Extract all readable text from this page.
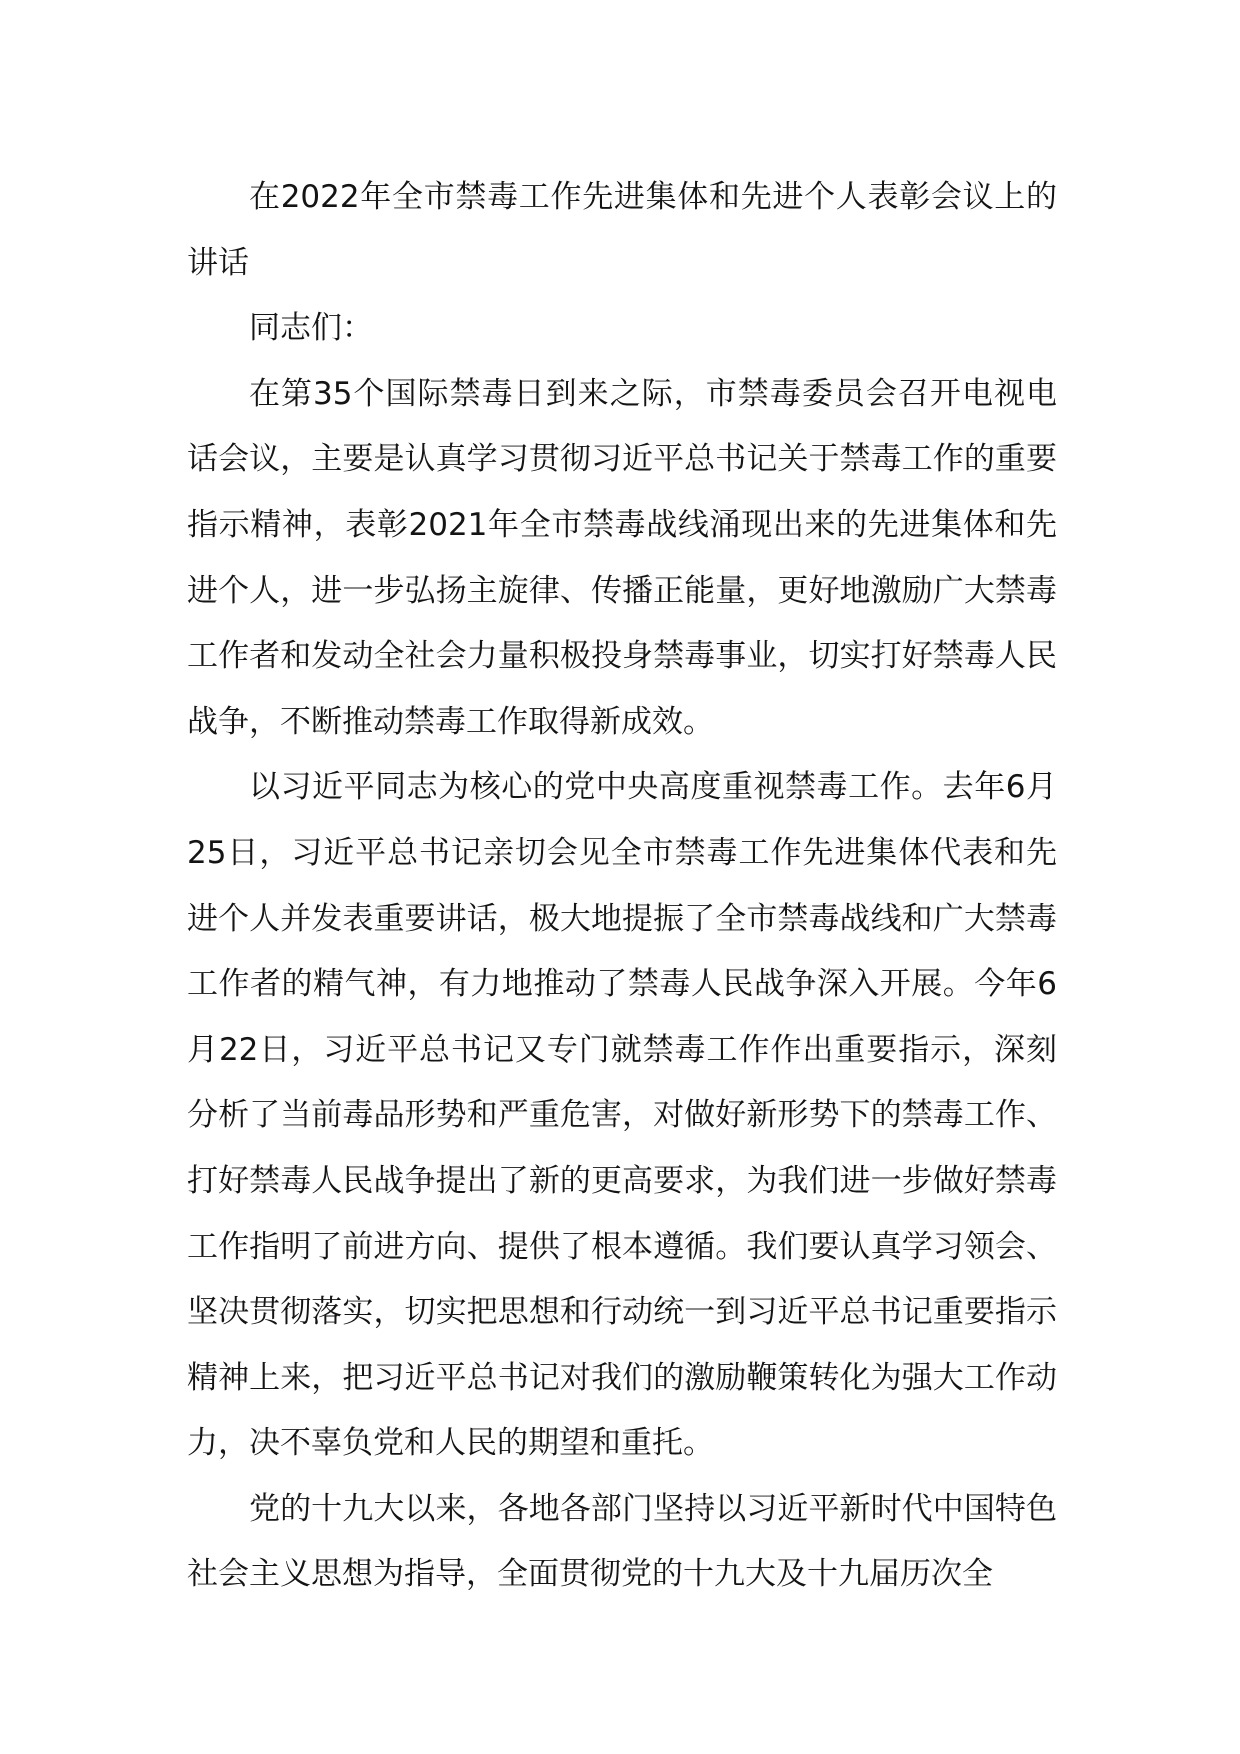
在2022年全市禁毒工作先进集体和先进个人表彰会议上的讲话

同志们：

在第35个国际禁毒日到来之际，市禁毒委员会召开电视电话会议，主要是认真学习贯彻习近平总书记关于禁毒工作的重要指示精神，表彰2021年全市禁毒战线涌现出来的先进集体和先进个人，进一步弘扬主旋律、传播正能量，更好地激励广大禁毒工作者和发动全社会力量积极投身禁毒事业，切实打好禁毒人民战争，不断推动禁毒工作取得新成效。

以习近平同志为核心的党中央高度重视禁毒工作。去年6月25日，习近平总书记亲切会见全市禁毒工作先进集体代表和先进个人并发表重要讲话，极大地提振了全市禁毒战线和广大禁毒工作者的精气神，有力地推动了禁毒人民战争深入开展。今年6月22日，习近平总书记又专门就禁毒工作作出重要指示，深刻分析了当前毒品形势和严重危害，对做好新形势下的禁毒工作、打好禁毒人民战争提出了新的更高要求，为我们进一步做好禁毒工作指明了前进方向、提供了根本遵循。我们要认真学习领会、坚决贯彻落实，切实把思想和行动统一到习近平总书记重要指示精神上来，把习近平总书记对我们的激励鞭策转化为强大工作动力，决不辜负党和人民的期望和重托。

党的十九大以来，各地各部门坚持以习近平新时代中国特色社会主义思想为指导，全面贯彻党的十九大及十九届历次全
